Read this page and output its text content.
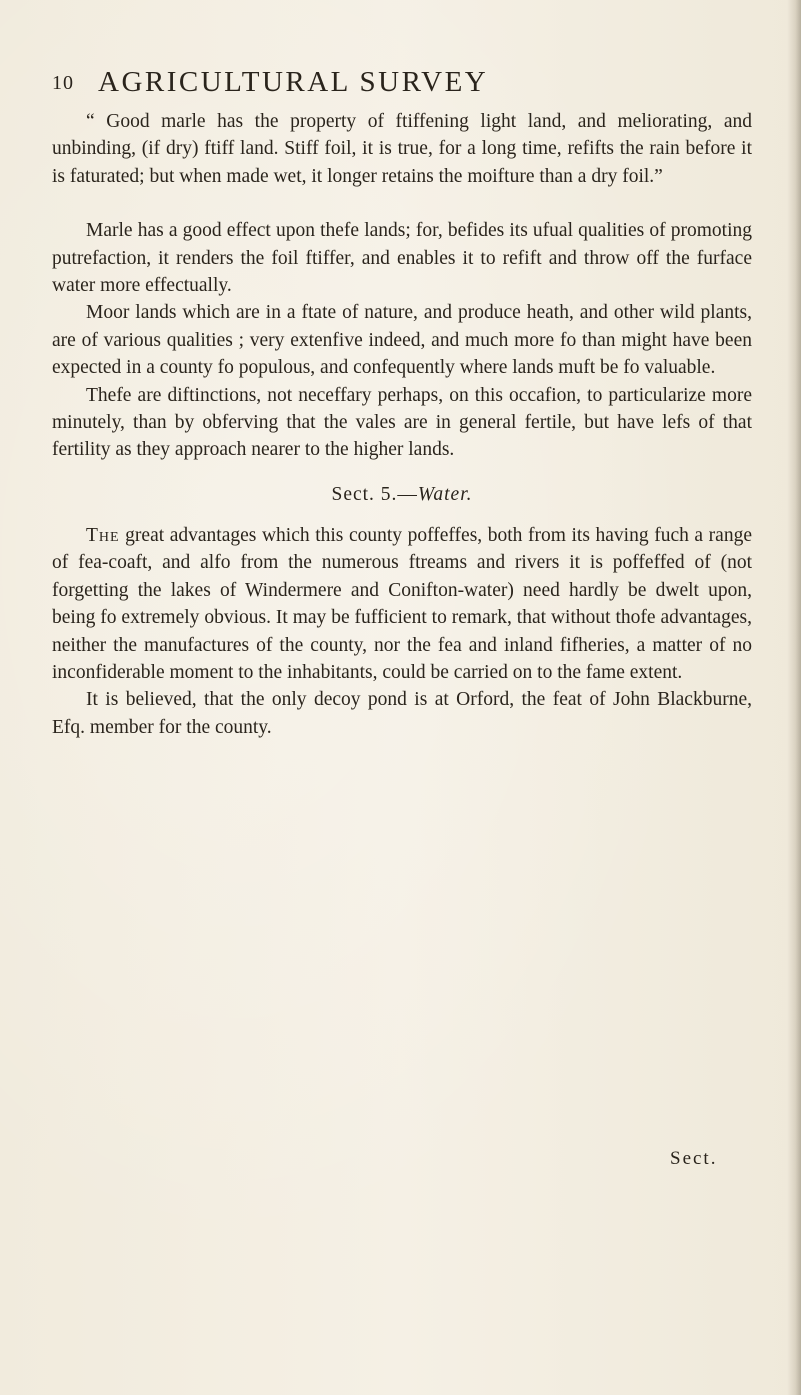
10 AGRICULTURAL SURVEY

“ Good marle has the property of ftiffening light land, and meliorating, and unbinding, (if dry) ftiff land. Stiff foil, it is true, for a long time, refifts the rain before it is faturated; but when made wet, it longer retains the moifture than a dry foil.”

Marle has a good effect upon thefe lands; for, befides its ufual qualities of promoting putrefaction, it renders the foil ftiffer, and enables it to refift and throw off the furface water more effectually.

Moor lands which are in a ftate of nature, and produce heath, and other wild plants, are of various qualities ; very extenfive indeed, and much more fo than might have been expected in a county fo populous, and confequently where lands muft be fo valuable.

Thefe are diftinctions, not neceffary perhaps, on this occafion, to particularize more minutely, than by obferving that the vales are in general fertile, but have lefs of that fertility as they approach nearer to the higher lands.

Sect. 5.—Water.

The great advantages which this county poffeffes, both from its having fuch a range of fea-coaft, and alfo from the numerous ftreams and rivers it is poffeffed of (not forgetting the lakes of Windermere and Conifton-water) need hardly be dwelt upon, being fo extremely obvious. It may be fufficient to remark, that without thofe advantages, neither the manufactures of the county, nor the fea and inland fifheries, a matter of no inconfiderable moment to the inhabitants, could be carried on to the fame extent.

It is believed, that the only decoy pond is at Orford, the feat of John Blackburne, Efq. member for the county.

Sect.
